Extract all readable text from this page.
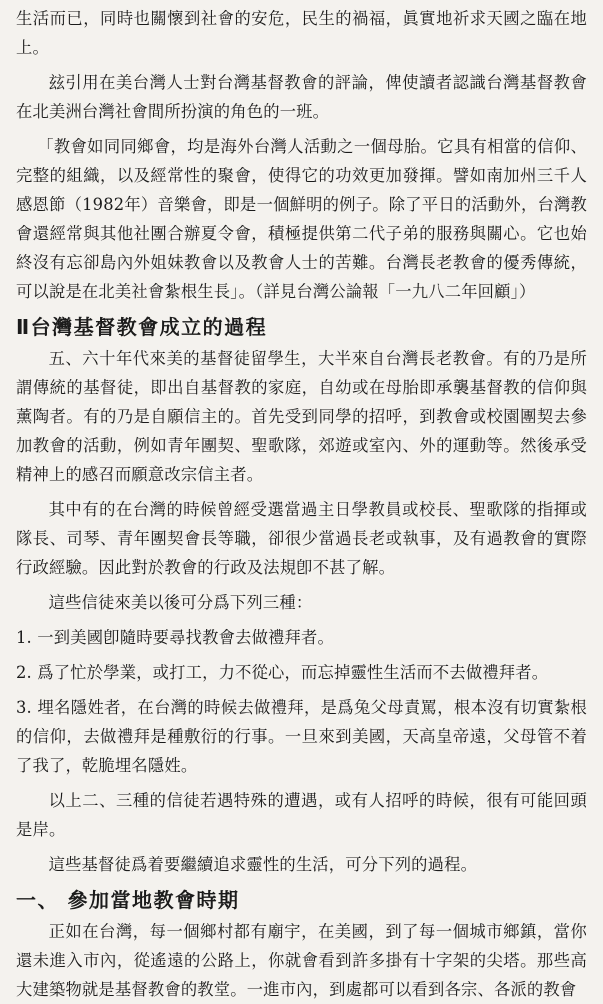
生活而已，同時也關懷到社會的安危，民生的禍福，眞實地祈求天國之臨在地上。

玆引用在美台灣人士對台灣基督教會的評論，俾使讀者認識台灣基督教會在北美洲台灣社會間所扮演的角色的一班。

「教會如同同鄉會，均是海外台灣人活動之一個母胎。它具有相當的信仰、完整的組織，以及經常性的聚會，使得它的功效更加發揮。譬如南加州三千人感恩節（1982年）音樂會，即是一個鮮明的例子。除了平日的活動外，台灣教會還經常與其他社團合辦夏令會，積極提供第二代子弟的服務與關心。它也始終沒有忘卻島內外姐妹教會以及教會人士的苦難。台灣長老教會的優秀傳統，可以說是在北美社會紮根生長」。（詳見台灣公論報「一九八二年回顧」）

Ⅱ台灣基督教會成立的過程

五、六十年代來美的基督徒留學生，大半來自台灣長老教會。有的乃是所謂傳統的基督徒，即出自基督教的家庭，自幼或在母胎即承襲基督教的信仰與薰陶者。有的乃是自願信主的。首先受到同學的招呼，到教會或校園團契去參加教會的活動，例如青年團契、聖歌隊，郊遊或室內、外的運動等。然後承受精神上的感召而願意改宗信主者。

其中有的在台灣的時候曾經受選當過主日學教員或校長、聖歌隊的指揮或隊長、司琴、青年團契會長等職，卻很少當過長老或執事，及有過教會的實際行政經驗。因此對於教會的行政及法規卽不甚了解。

這些信徒來美以後可分爲下列三種：

1. 一到美國卽隨時要尋找教會去做禮拜者。

2. 爲了忙於學業，或打工，力不從心，而忘掉靈性生活而不去做禮拜者。

3. 埋名隱姓者，在台灣的時候去做禮拜，是爲兔父母責罵，根本沒有切實紮根的信仰，去做禮拜是種敷衍的行事。一旦來到美國，天高皇帝遠，父母管不着了我了，乾脆埋名隱姓。

以上二、三種的信徒若遇特殊的遭遇，或有人招呼的時候，很有可能回頭是岸。

這些基督徒爲着要繼續追求靈性的生活，可分下列的過程。

一、 參加當地教會時期

正如在台灣，每一個鄉村都有廟宇，在美國，到了每一個城市鄉鎮，當你還未進入市內，從遙遠的公路上，你就會看到許多掛有十字架的尖塔。那些高大建築物就是基督教會的教堂。一進市內，到處都可以看到各宗、各派的教會
